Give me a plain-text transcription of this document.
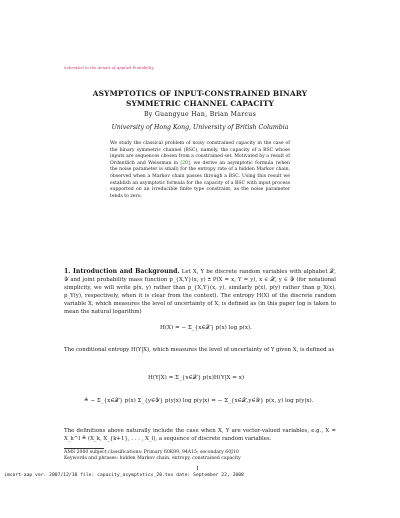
Submitted to the Annals of Applied Probability
ASYMPTOTICS OF INPUT-CONSTRAINED BINARY
SYMMETRIC CHANNEL CAPACITY
By Guangyue Han, Brian Marcus
University of Hong Kong, University of British Columbia
We study the classical problem of noisy constrained capacity in the case of the binary symmetric channel (BSC), namely, the capacity of a BSC whose inputs are sequences chosen from a constrained set. Motivated by a result of Ordentlich and Weissman in [20], we derive an asymptotic formula (when the noise parameter is small) for the entropy rate of a hidden Markov chain, observed when a Markov chain passes through a BSC. Using this result we establish an asymptotic formula for the capacity of a BSC with input process supported on an irreducible finite type constraint, as the noise parameter tends to zero.
1. Introduction and Background. Let X, Y be discrete random variables with alphabet 𝒳, 𝒴 and joint probability mass function p_{X,Y}(x, y) ≜ P(X = x, Y = y), x ∈ 𝒳, y ∈ 𝒴 (for notational simplicity, we will write p(x, y) rather than p_{X,Y}(x, y), similarly p(x), p(y) rather than p_X(x), p_Y(y), respectively, when it is clear from the context). The entropy H(X) of the discrete random variable X, which measures the level of uncertainty of X, is defined as (in this paper log is taken to mean the natural logarithm)
H(X) = − Σ_{x∈𝒳} p(x) log p(x).
The conditional entropy H(Y|X), which measures the level of uncertainty of Y given X, is defined as
H(Y|X) = Σ_{x∈𝒳} p(x)H(Y|X = x)
≜ − Σ_{x∈𝒳} p(x) Σ_{y∈𝒴} p(y|x) log p(y|x) = − Σ_{x∈𝒳,y∈𝒴} p(x, y) log p(y|x).
The definitions above naturally include the case when X, Y are vector-valued variables, e.g., X = X_k^l ≜ (X_k, X_{k+1}, . . . , X_l), a sequence of discrete random variables.
AMS 2000 subject classifications: Primary 60K99, 94A15; secondary 60J10
Keywords and phrases: hidden Markov chain, entropy, constrained capacity
1
imsart-aap ver. 2007/12/10 file: capacity_asymptotics_20.tex date: September 22, 2008
